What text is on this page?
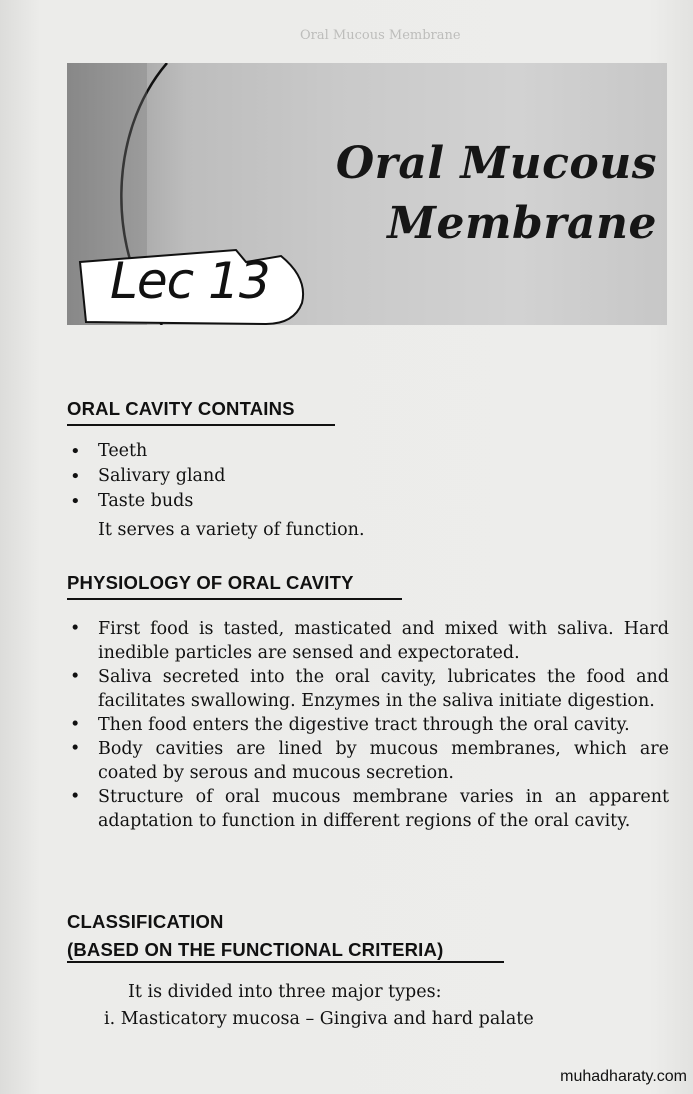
Oral Mucous Membrane
Oral Mucous
Membrane
Lec 13
ORAL CAVITY CONTAINS
• Teeth
• Salivary gland
• Taste buds
It serves a variety of function.
PHYSIOLOGY OF ORAL CAVITY
• First food is tasted, masticated and mixed with saliva. Hard inedible particles are sensed and expectorated.
• Saliva secreted into the oral cavity, lubricates the food and facilitates swallowing. Enzymes in the saliva initiate digestion.
• Then food enters the digestive tract through the oral cavity.
• Body cavities are lined by mucous membranes, which are coated by serous and mucous secretion.
• Structure of oral mucous membrane varies in an apparent adaptation to function in different regions of the oral cavity.
CLASSIFICATION
(BASED ON THE FUNCTIONAL CRITERIA)
It is divided into three major types:
i. Masticatory mucosa – Gingiva and hard palate
muhadharaty.com
